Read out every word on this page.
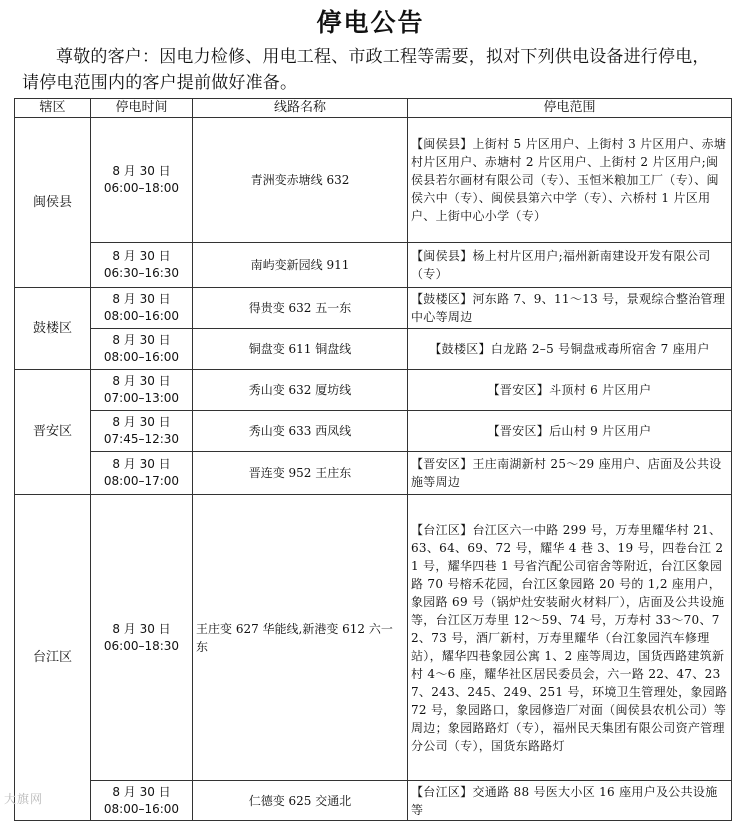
停电公告
尊敬的客户：因电力检修、用电工程、市政工程等需要，拟对下列供电设备进行停电，请停电范围内的客户提前做好准备。
辖区	停电时间	线路名称	停电范围
闽侯县	8 月 30 日
06:00–18:00	青洲变赤塘线 632	【闽侯县】上街村 5 片区用户、上街村 3 片区用户、赤塘村片区用户、赤塘村 2 片区用户、上街村 2 片区用户;闽侯县若尔画材有限公司（专）、玉恒米粮加工厂（专）、闽侯六中（专）、闽侯县第六中学（专）、六桥村 1 片区用户、上街中心小学（专）

	8 月 30 日
06:30–16:30	南屿变新园线 911	【闽侯县】杨上村片区用户;福州新南建设开发有限公司（专）
鼓楼区	8 月 30 日
08:00–16:00	得贵变 632 五一东	【鼓楼区】河东路 7、9、11～13 号，景观综合整治管理中心等周边

	8 月 30 日
08:00–16:00	铜盘变 611 铜盘线	【鼓楼区】白龙路 2–5 号铜盘戒毒所宿舍 7 座用户
晋安区	8 月 30 日
07:00–13:00	秀山变 632 厦坊线	【晋安区】斗顶村 6 片区用户

	8 月 30 日
07:45–12:30	秀山变 633 西凤线	【晋安区】后山村 9 片区用户

	8 月 30 日
08:00–17:00	晋连变 952 王庄东	【晋安区】王庄南湖新村 25～29 座用户、店面及公共设施等周边
台江区	8 月 30 日
06:00–18:30	王庄变 627 华能线,新港变 612 六一东	【台江区】台江区六一中路 299 号，万寿里耀华村 21、63、64、69、72 号，耀华 4 巷 3、19 号，四卷台江 21 号，耀华四巷 1 号省汽配公司宿舍等附近，台江区象园路 70 号榕禾花园，台江区象园路 20 号的 1,2 座用户，象园路 69 号（锅炉灶安装耐火材料厂），店面及公共设施等，台江区万寿里 12～59、74 号，万寿村 33～70、72、73 号，酒厂新村，万寿里耀华（台江象园汽车修理站），耀华四巷象园公寓 1、2 座等周边，国货西路建筑新村 4～6 座，耀华社区居民委员会，六一路 22、47、237、243、245、249、251 号，环境卫生管理处，象园路 72 号，象园路口，象园修造厂对面（闽侯县农机公司）等周边；象园路路灯（专），福州民天集团有限公司资产管理分公司（专），国货东路路灯

	8 月 30 日
08:00–16:00	仁德变 625 交通北	【台江区】交通路 88 号医大小区 16 座用户及公共设施等
大旗网
